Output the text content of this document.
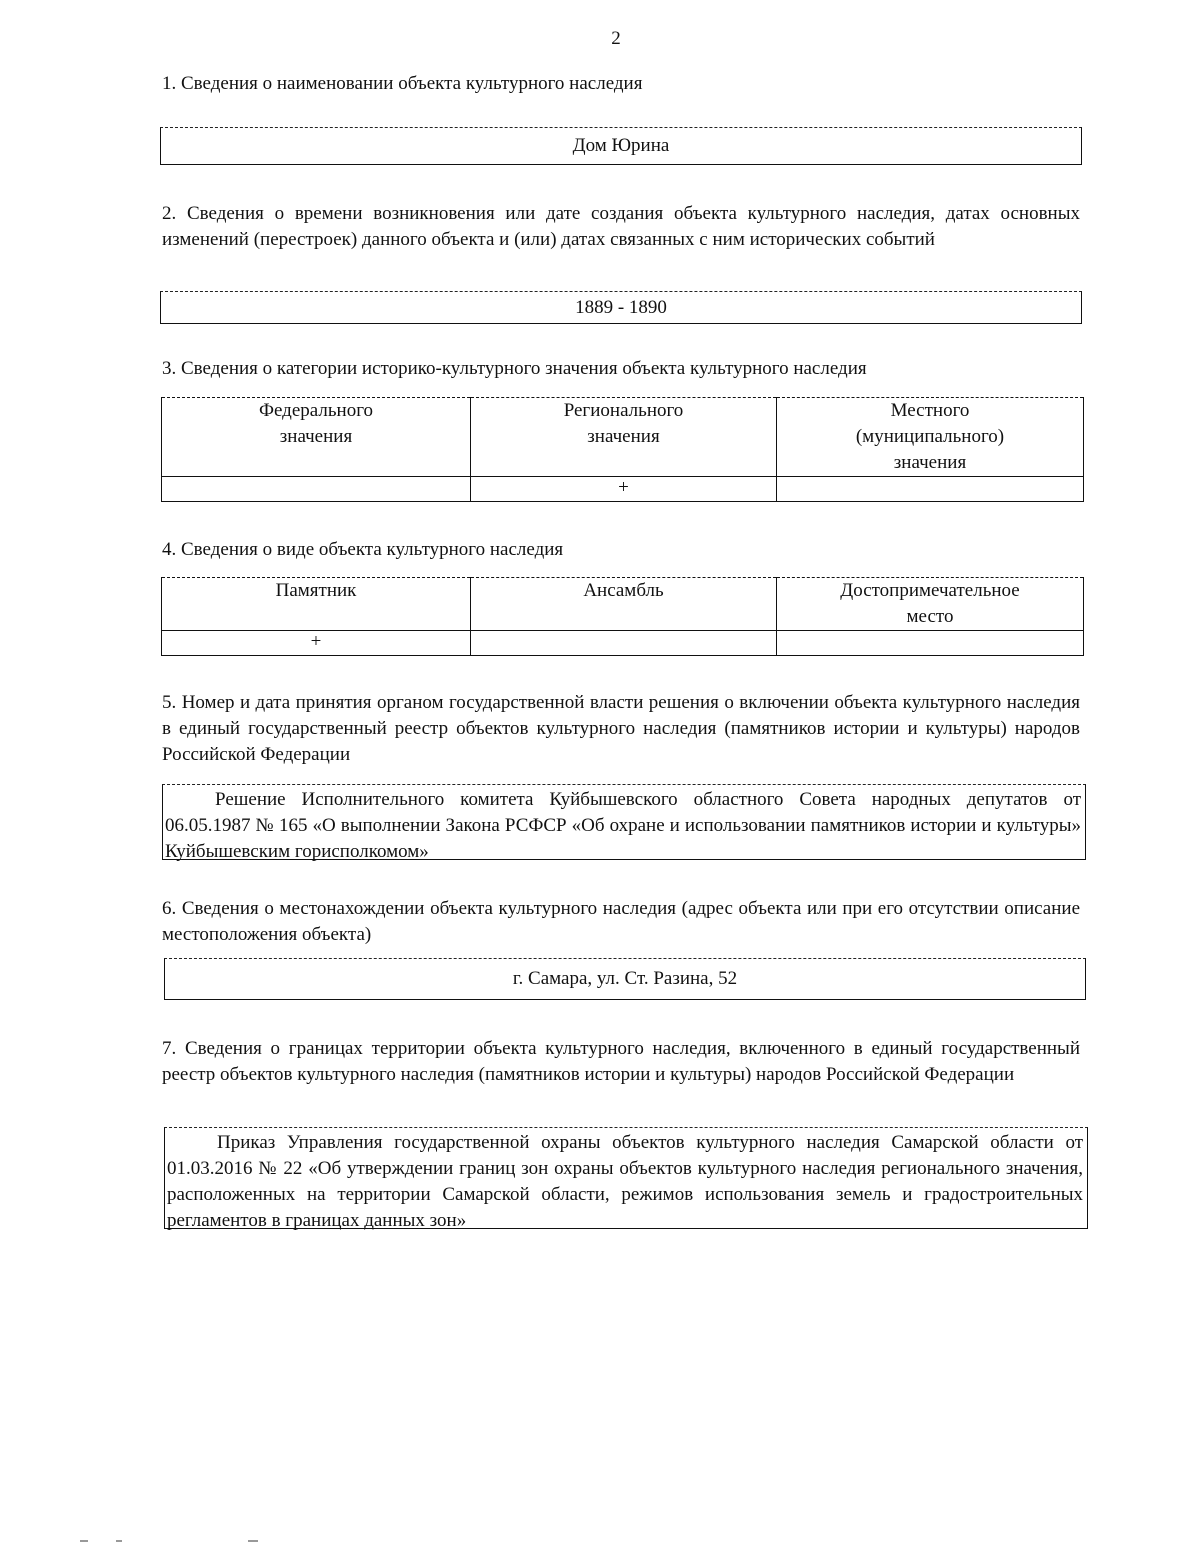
2
1. Сведения о наименовании объекта культурного наследия
Дом Юрина
2. Сведения о времени возникновения или дате создания объекта культурного наследия, датах основных изменений (перестроек) данного объекта и (или) датах связанных с ним исторических событий
1889 - 1890
3. Сведения о категории историко-культурного значения объекта культурного наследия
Федерального значения	Регионального значения	Местного (муниципального) значения

	+	
4. Сведения о виде объекта культурного наследия
Памятник	Ансамбль	Достопримечательное место

+		
5. Номер и дата принятия органом государственной власти решения о включении объекта культурного наследия в единый государственный реестр объектов культурного наследия (памятников истории и культуры) народов Российской Федерации
Решение Исполнительного комитета Куйбышевского областного Совета народных депутатов от 06.05.1987 № 165 «О выполнении Закона РСФСР «Об охране и использовании памятников истории и культуры» Куйбышевским горисполкомом»
6. Сведения о местонахождении объекта культурного наследия (адрес объекта или при его отсутствии описание местоположения объекта)
г. Самара, ул. Ст. Разина, 52
7. Сведения о границах территории объекта культурного наследия, включенного в единый государственный реестр объектов культурного наследия (памятников истории и культуры) народов Российской Федерации
Приказ Управления государственной охраны объектов культурного наследия Самарской области от 01.03.2016 № 22 «Об утверждении границ зон охраны объектов культурного наследия регионального значения, расположенных на территории Самарской области, режимов использования земель и градостроительных регламентов в границах данных зон»
